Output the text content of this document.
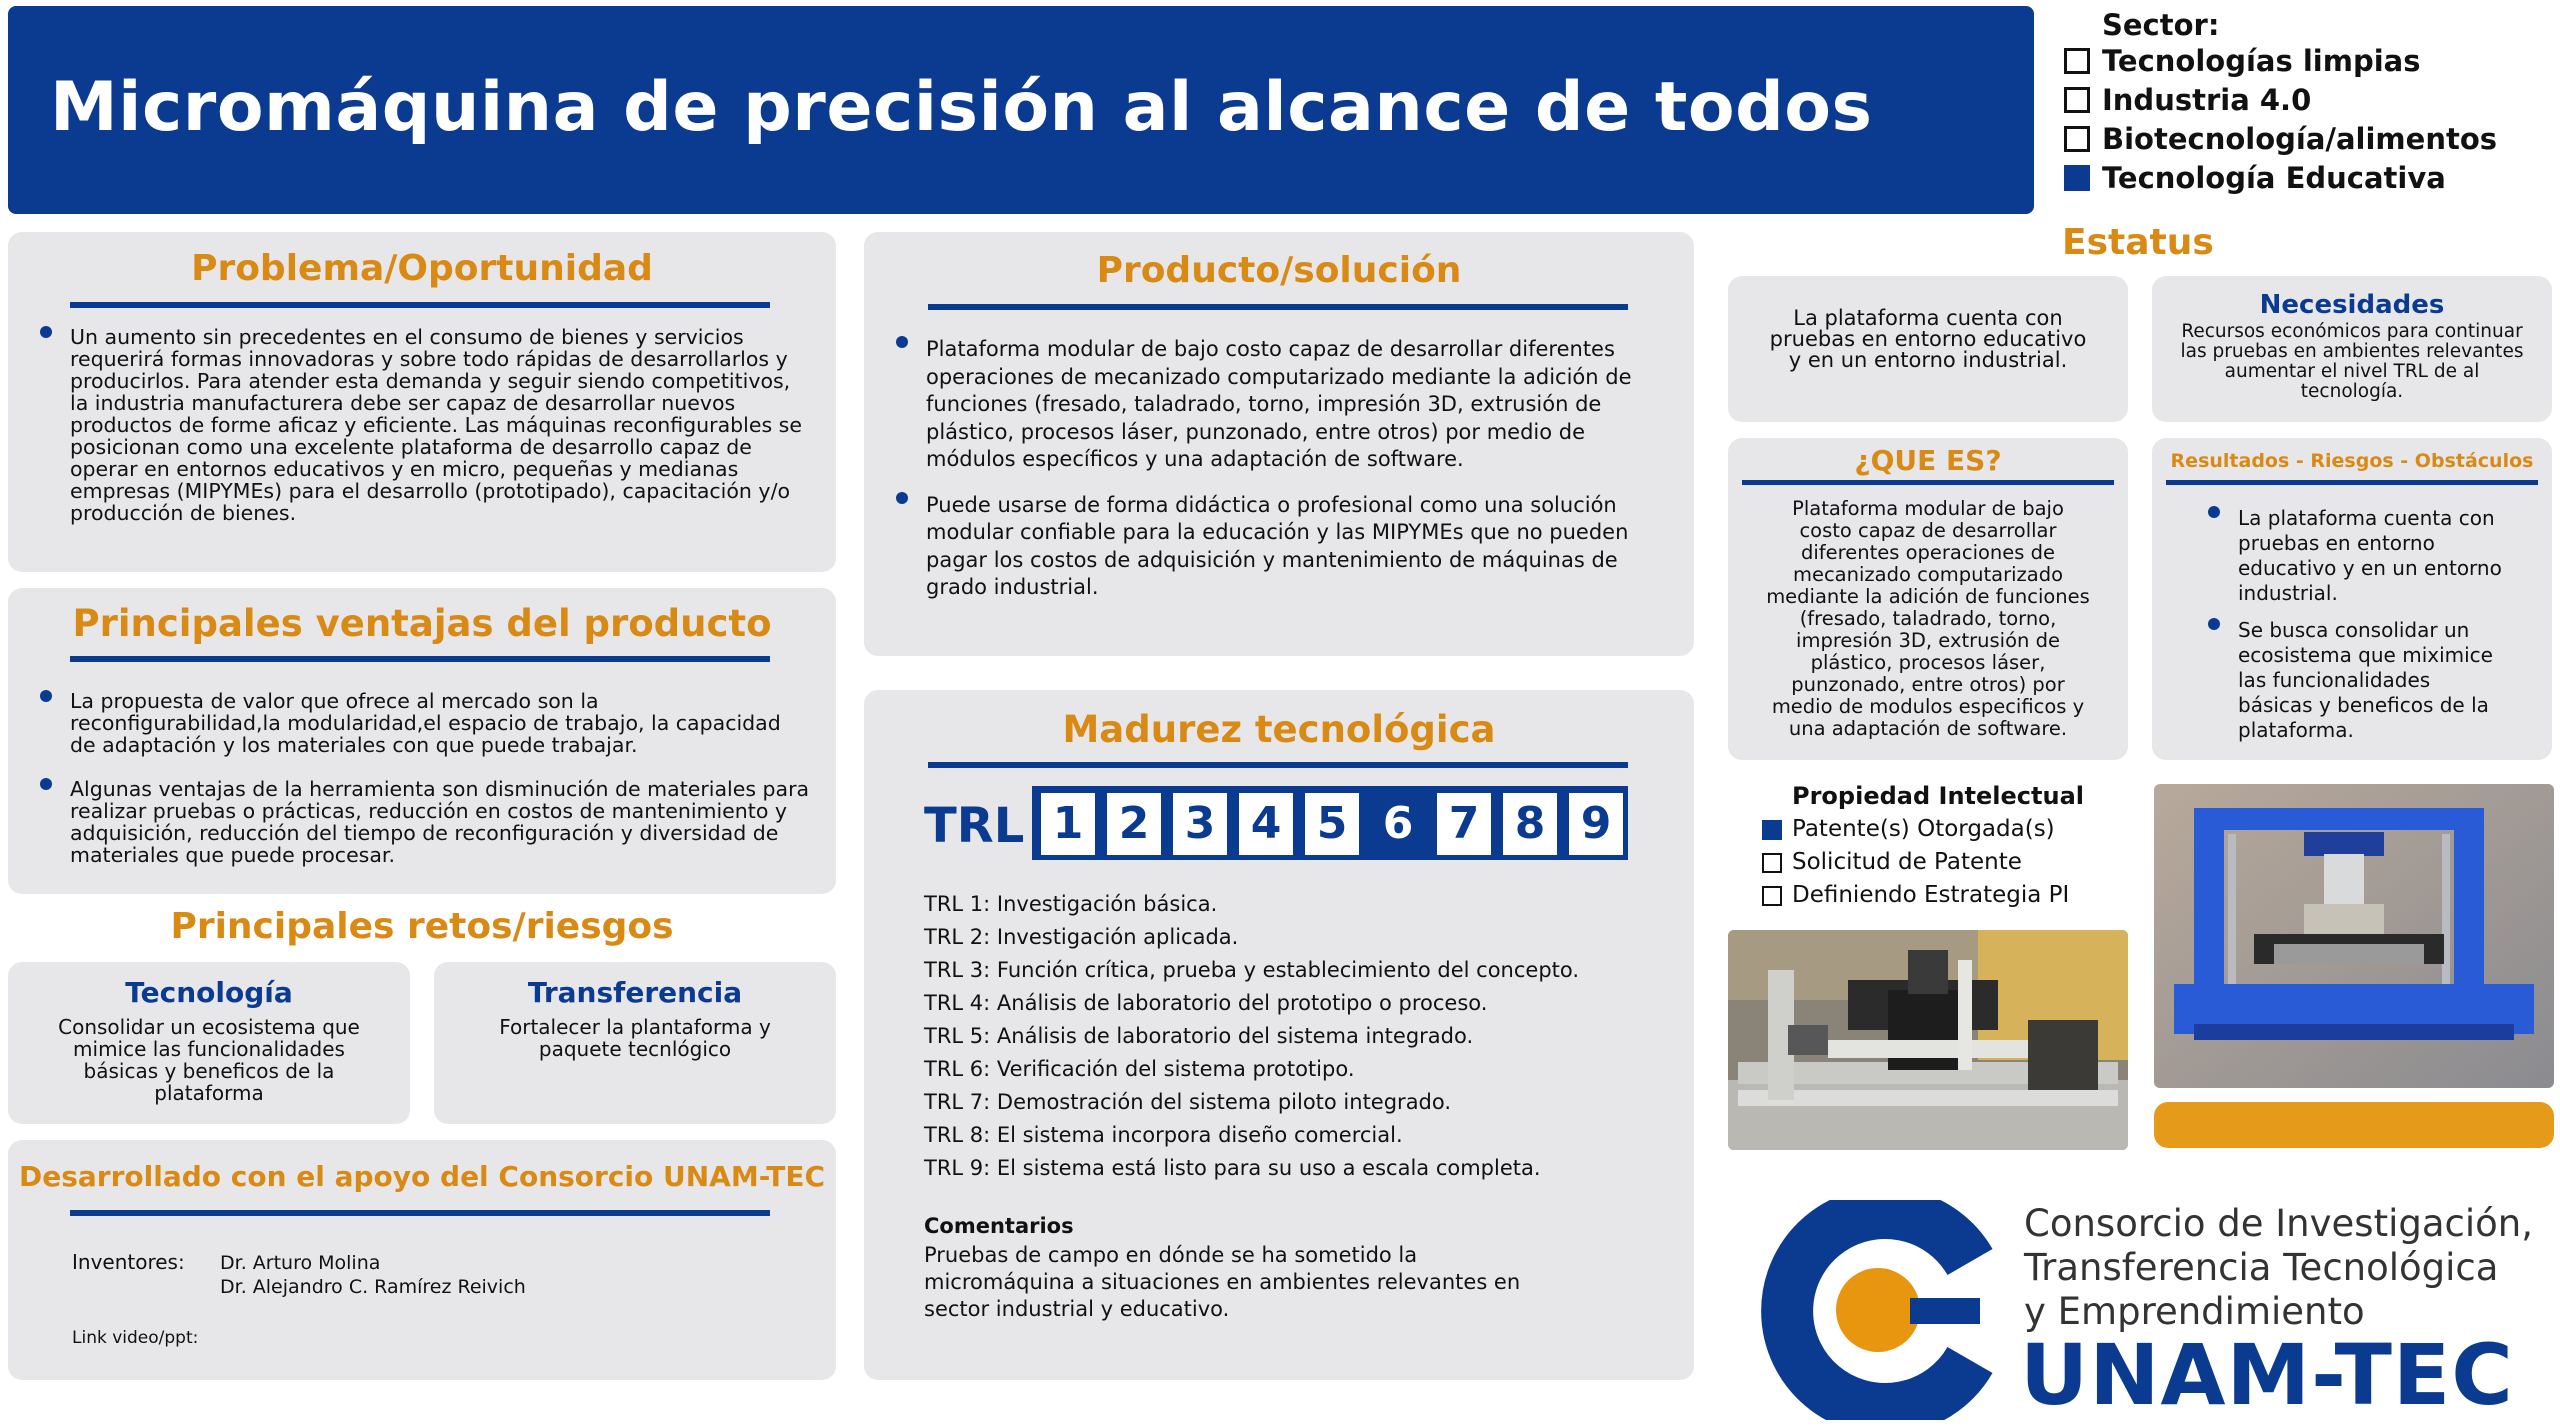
Micromáquina de precisión al alcance de todos
Sector:
Tecnologías limpias
Industria 4.0
Biotecnología/alimentos
Tecnología Educativa
Problema/Oportunidad
Un aumento sin precedentes en el consumo de bienes y servicios requerirá formas innovadoras y sobre todo rápidas de desarrollarlos y producirlos. Para atender esta demanda y seguir siendo competitivos, la industria manufacturera debe ser capaz de desarrollar nuevos productos de forme aficaz y eficiente. Las máquinas reconfigurables se posicionan como una excelente plataforma de desarrollo capaz de operar en entornos educativos y en micro, pequeñas y medianas empresas (MIPYMEs) para el desarrollo (prototipado), capacitación y/o producción de bienes.
Principales ventajas del producto
La propuesta de valor que ofrece al mercado son la reconfigurabilidad,la modularidad,el espacio de trabajo, la capacidad de adaptación y los materiales con que puede trabajar.
Algunas ventajas de la herramienta son disminución de materiales para realizar pruebas o prácticas, reducción en costos de mantenimiento y adquisición, reducción del tiempo de reconfiguración y diversidad de materiales que puede procesar.
Principales retos/riesgos
Tecnología
Consolidar un ecosistema que mimice las funcionalidades básicas y beneficos de la plataforma
Transferencia
Fortalecer la plantaforma y paquete tecnlógico
Desarrollado con el apoyo del Consorcio UNAM-TEC
Inventores: Dr. Arturo Molina
Dr. Alejandro C. Ramírez Reivich
Link video/ppt:
Producto/solución
Plataforma modular de bajo costo capaz de desarrollar diferentes operaciones de mecanizado computarizado mediante la adición de funciones (fresado, taladrado, torno, impresión 3D, extrusión de plástico, procesos láser, punzonado, entre otros) por medio de módulos específicos y una adaptación de software.
Puede usarse de forma didáctica o profesional como una solución modular confiable para la educación y las MIPYMEs que no pueden pagar los costos de adquisición y mantenimiento de máquinas de grado industrial.
Madurez tecnológica
TRL 1 2 3 4 5 6 7 8 9
TRL 1: Investigación básica.
TRL 2: Investigación aplicada.
TRL 3: Función crítica, prueba y establecimiento del concepto.
TRL 4: Análisis de laboratorio del prototipo o proceso.
TRL 5: Análisis de laboratorio del sistema integrado.
TRL 6: Verificación del sistema prototipo.
TRL 7: Demostración del sistema piloto integrado.
TRL 8: El sistema incorpora diseño comercial.
TRL 9: El sistema está listo para su uso a escala completa.
Comentarios
Pruebas de campo en dónde se ha sometido la micromáquina a situaciones en ambientes relevantes en sector industrial y educativo.
Estatus
La plataforma cuenta con pruebas en entorno educativo y en un entorno industrial.
Necesidades
Recursos económicos para continuar las pruebas en ambientes relevantes aumentar el nivel TRL de al tecnología.
¿QUE ES?
Plataforma modular de bajo costo capaz de desarrollar diferentes operaciones de mecanizado computarizado mediante la adición de funciones (fresado, taladrado, torno, impresión 3D, extrusión de plástico, procesos láser, punzonado, entre otros) por medio de modulos especificos y una adaptación de software.
Resultados - Riesgos - Obstáculos
La plataforma cuenta con pruebas en entorno educativo y en un entorno industrial.
Se busca consolidar un ecosistema que miximice las funcionalidades básicas y beneficos de la plataforma.
Propiedad Intelectual
Patente(s) Otorgada(s)
Solicitud de Patente
Definiendo Estrategia PI
Consorcio de Investigación,
Transferencia Tecnológica
y Emprendimiento
UNAM-TEC
